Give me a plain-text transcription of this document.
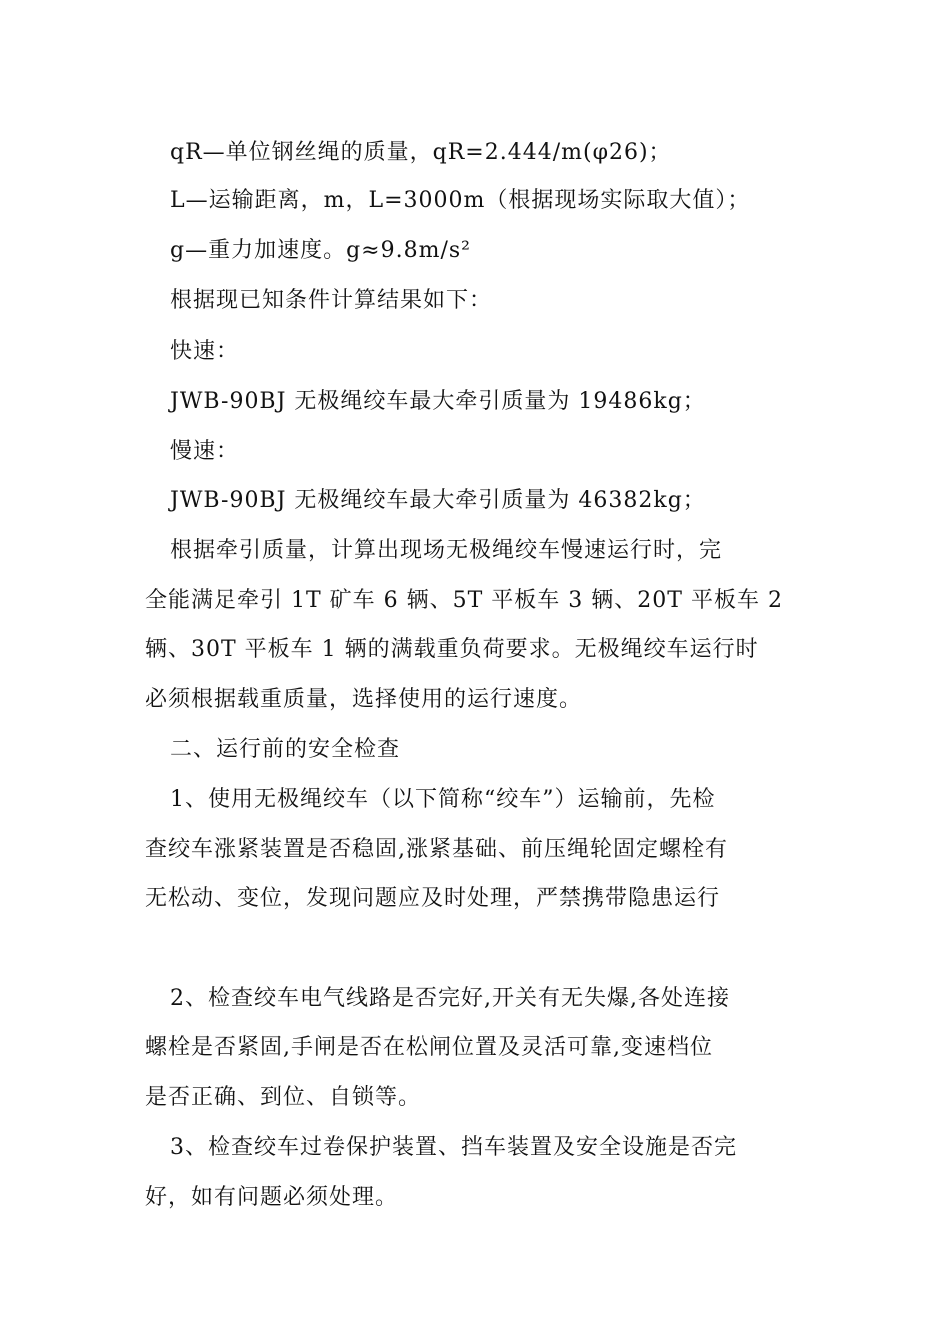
qR—单位钢丝绳的质量，qR=2.444/m(φ26)；
L—运输距离，m，L=3000m（根据现场实际取大值）；
g—重力加速度。g≈9.8m/s²
根据现已知条件计算结果如下：
快速：
JWB-90BJ 无极绳绞车最大牵引质量为 19486kg；
慢速：
JWB-90BJ 无极绳绞车最大牵引质量为 46382kg；
根据牵引质量，计算出现场无极绳绞车慢速运行时，完
全能满足牵引 1T 矿车 6 辆、5T 平板车 3 辆、20T 平板车 2
辆、30T 平板车 1 辆的满载重负荷要求。无极绳绞车运行时
必须根据载重质量，选择使用的运行速度。
二、运行前的安全检查
1、使用无极绳绞车（以下简称“绞车”）运输前，先检
查绞车涨紧装置是否稳固,涨紧基础、前压绳轮固定螺栓有
无松动、变位，发现问题应及时处理，严禁携带隐患运行
2、检查绞车电气线路是否完好,开关有无失爆,各处连接
螺栓是否紧固,手闸是否在松闸位置及灵活可靠,变速档位
是否正确、到位、自锁等。
3、检查绞车过卷保护装置、挡车装置及安全设施是否完
好，如有问题必须处理。
